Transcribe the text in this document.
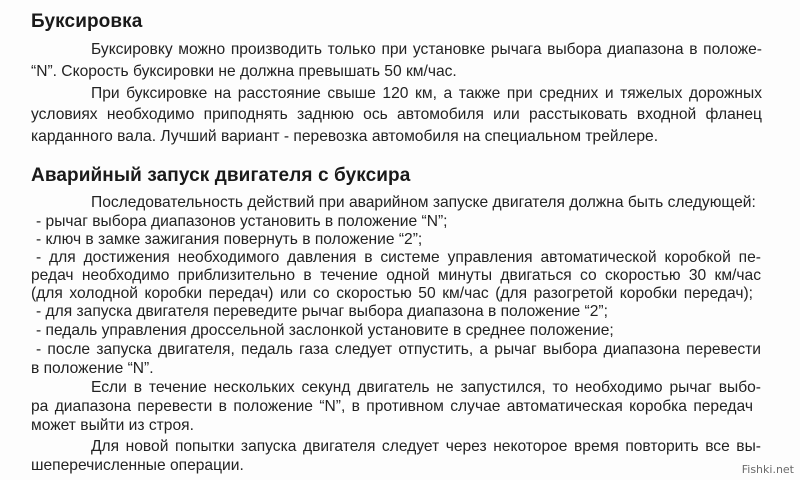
Буксировка
Буксировку можно производить только при установке рычага выбора диапазона в положе-
“N”. Скорость буксировки не должна превышать 50 км/час.
При буксировке на расстояние свыше 120 км, а также при средних и тяжелых дорожных
условиях необходимо приподнять заднюю ось автомобиля или расстыковать входной фланец
карданного вала. Лучший вариант - перевозка автомобиля на специальном трейлере.
Аварийный запуск двигателя с буксира
Последовательность действий при аварийном запуске двигателя должна быть следующей:
- рычаг выбора диапазонов установить в положение “N”;
- ключ в замке зажигания повернуть в положение “2”;
- для достижения необходимого давления в системе управления автоматической коробкой пе-
редач необходимо приблизительно в течение одной минуты двигаться со скоростью 30 км/час
(для холодной коробки передач) или со скоростью 50 км/час (для разогретой коробки передач);
- для запуска двигателя переведите рычаг выбора диапазона в положение “2”;
- педаль управления дроссельной заслонкой установите в среднее положение;
- после запуска двигателя, педаль газа следует отпустить, а рычаг выбора диапазона перевести
в положение “N”.
Если в течение нескольких секунд двигатель не запустился, то необходимо рычаг выбо-
ра диапазона перевести в положение “N”, в противном случае автоматическая коробка передач
может выйти из строя.
Для новой попытки запуска двигателя следует через некоторое время повторить все вы-
Fishki.net
шеперечисленные операции.
